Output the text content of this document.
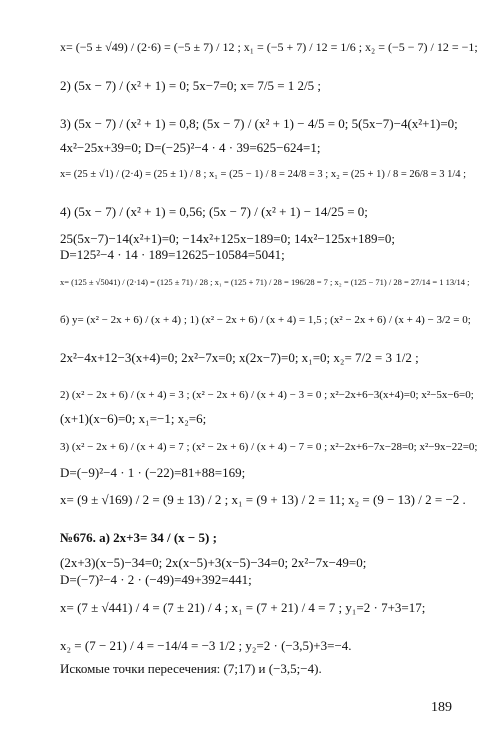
x= (−5 ± √49) / (2·6) = (−5 ± 7) / 12 ; x₁ = (−5 + 7) / 12 = 1/6 ; x₂ = (−5 − 7) / 12 = −1;
2) (5x − 7) / (x² + 1) = 0; 5x−7=0; x= 7/5 = 1 2/5 ;
3) (5x − 7) / (x² + 1) = 0,8; (5x − 7) / (x² + 1) − 4/5 = 0; 5(5x−7)−4(x²+1)=0;
4x²−25x+39=0; D=(−25)²−4 · 4 · 39=625−624=1;
x= (25 ± √1) / (2·4) = (25 ± 1) / 8 ; x₁ = (25 − 1) / 8 = 24/8 = 3 ; x₂ = (25 + 1) / 8 = 26/8 = 3 1/4 ;
4) (5x − 7) / (x² + 1) = 0,56; (5x − 7) / (x² + 1) − 14/25 = 0;
25(5x−7)−14(x²+1)=0; −14x²+125x−189=0; 14x²−125x+189=0;
D=125²−4 · 14 · 189=12625−10584=5041;
x= (125 ± √5041) / (2·14) = (125 ± 71) / 28 ; x₁ = (125 + 71) / 28 = 196/28 = 7 ; x₂ = (125 − 71) / 28 = 27/14 = 1 13/14 ;
б) y= (x² − 2x + 6) / (x + 4) ; 1) (x² − 2x + 6) / (x + 4) = 1,5 ; (x² − 2x + 6) / (x + 4) − 3/2 = 0;
2x²−4x+12−3(x+4)=0; 2x²−7x=0; x(2x−7)=0; x₁=0; x₂= 7/2 = 3 1/2 ;
2) (x² − 2x + 6) / (x + 4) = 3 ; (x² − 2x + 6) / (x + 4) − 3 = 0 ; x²−2x+6−3(x+4)=0; x²−5x−6=0;
(x+1)(x−6)=0; x₁=−1; x₂=6;
3) (x² − 2x + 6) / (x + 4) = 7 ; (x² − 2x + 6) / (x + 4) − 7 = 0 ; x²−2x+6−7x−28=0; x²−9x−22=0;
D=(−9)²−4 · 1 · (−22)=81+88=169;
x= (9 ± √169) / 2 = (9 ± 13) / 2 ; x₁ = (9 + 13) / 2 = 11; x₂ = (9 − 13) / 2 = −2 .
№676. а) 2x+3= 34 / (x − 5) ;
(2x+3)(x−5)−34=0; 2x(x−5)+3(x−5)−34=0; 2x²−7x−49=0;
D=(−7)²−4 · 2 · (−49)=49+392=441;
x= (7 ± √441) / 4 = (7 ± 21) / 4 ; x₁ = (7 + 21) / 4 = 7 ; y₁=2 · 7+3=17;
x₂ = (7 − 21) / 4 = −14/4 = −3 1/2 ; y₂=2 · (−3,5)+3=−4.
Искомые точки пересечения: (7;17) и (−3,5;−4).
189
